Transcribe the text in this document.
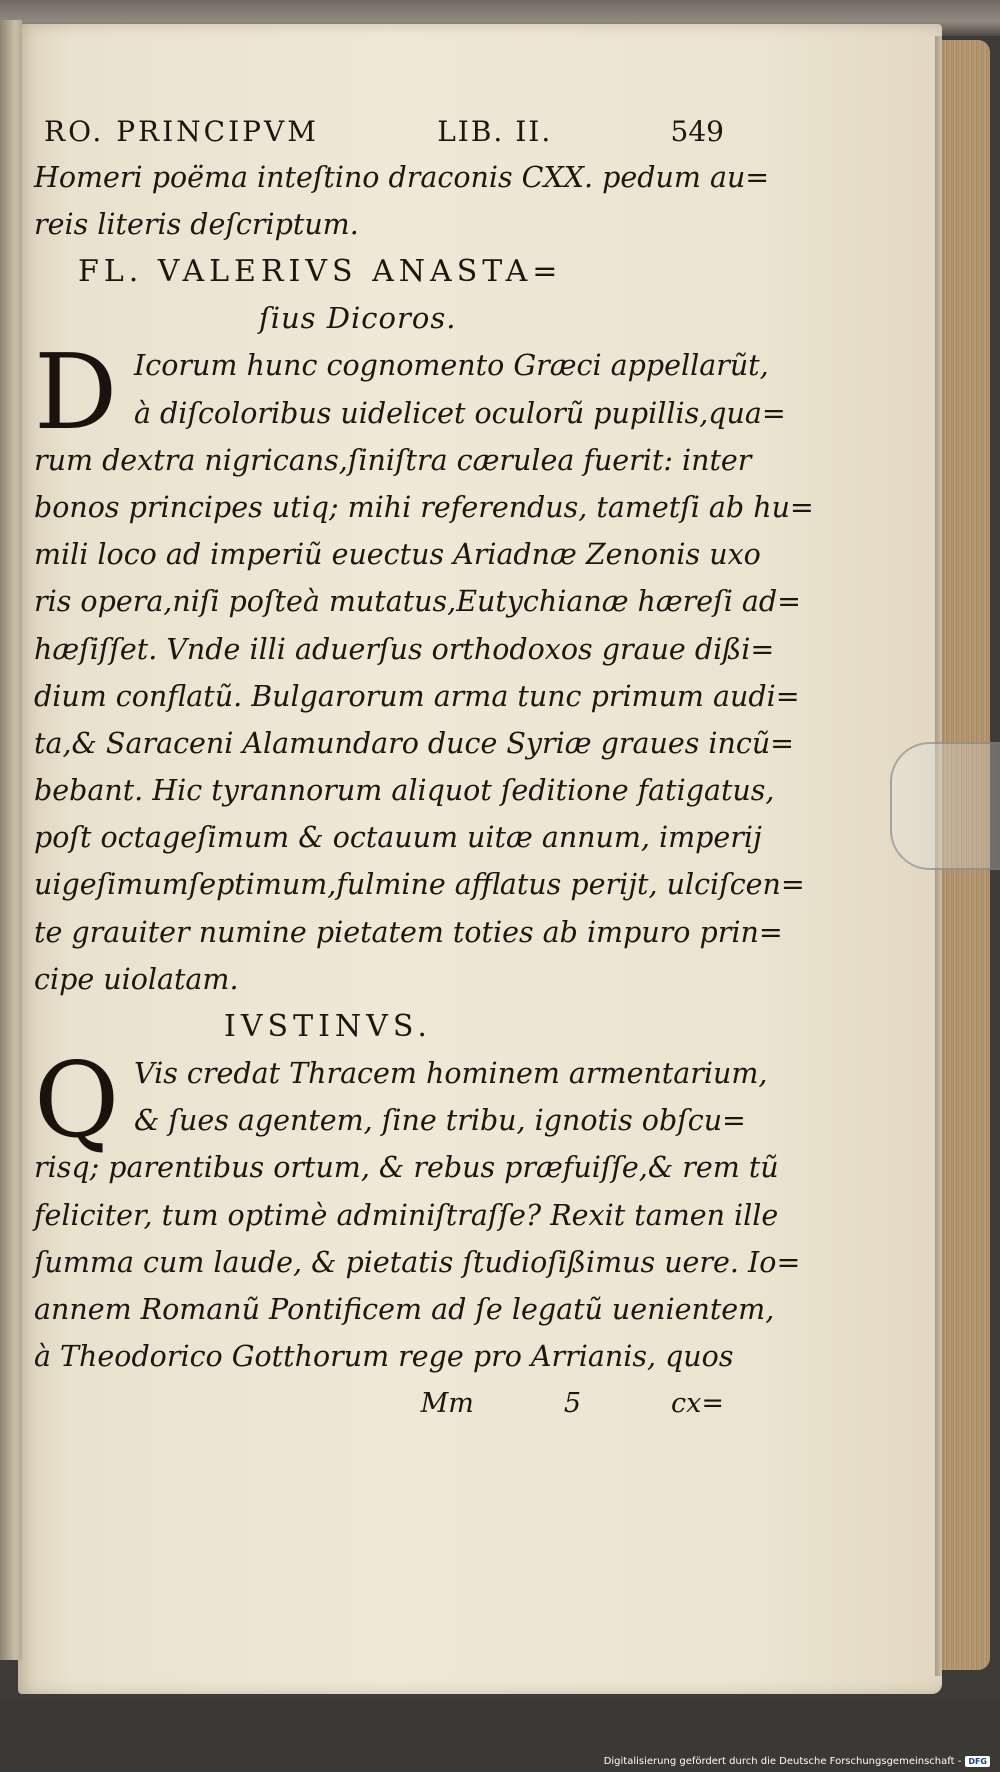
RO. PRINCIPVM	LIB. II.	549
Homeri poëma inteſtino draconis CXX. pedum au=
reis literis deſcriptum.
FL. VALERIVS ANASTA=
ſius Dicoros.
D Icorum hunc cognomento Græci appellarũt,
à diſcoloribus uidelicet oculorũ pupillis,qua=
rum dextra nigricans,ſiniſtra cærulea fuerit: inter
bonos principes utiq; mihi referendus, tametſi ab hu=
mili loco ad imperiũ euectus Ariadnæ Zenonis uxo
ris opera,niſi poſteà mutatus,Eutychianæ hæreſi ad=
hæſiſſet. Vnde illi aduerſus orthodoxos graue dißi=
dium conflatũ. Bulgarorum arma tunc primum audi=
ta,& Saraceni Alamundaro duce Syriæ graues incũ=
bebant. Hic tyrannorum aliquot ſeditione fatigatus,
poſt octageſimum & octauum uitæ annum, imperij
uigeſimumſeptimum,fulmine afflatus periјt, ulciſcen=
te grauiter numine pietatem toties ab impuro prin=
cipe uiolatam.
IVSTINVS.
Q Vis credat Thracem hominem armentarium,
& ſues agentem, ſine tribu, ignotis obſcu=
risq; parentibus ortum, & rebus præfuiſſe,& rem tũ
feliciter, tum optimè adminiſtraſſe? Rexit tamen ille
ſumma cum laude, & pietatis ſtudioſißimus uere. Io=
annem Romanũ Pontificem ad ſe legatũ uenientem,
à Theodorico Gotthorum rege pro Arrianis, quos
Mm	5	cx=
Digitalisierung gefördert durch die Deutsche Forschungsgemeinschaft - DFG
